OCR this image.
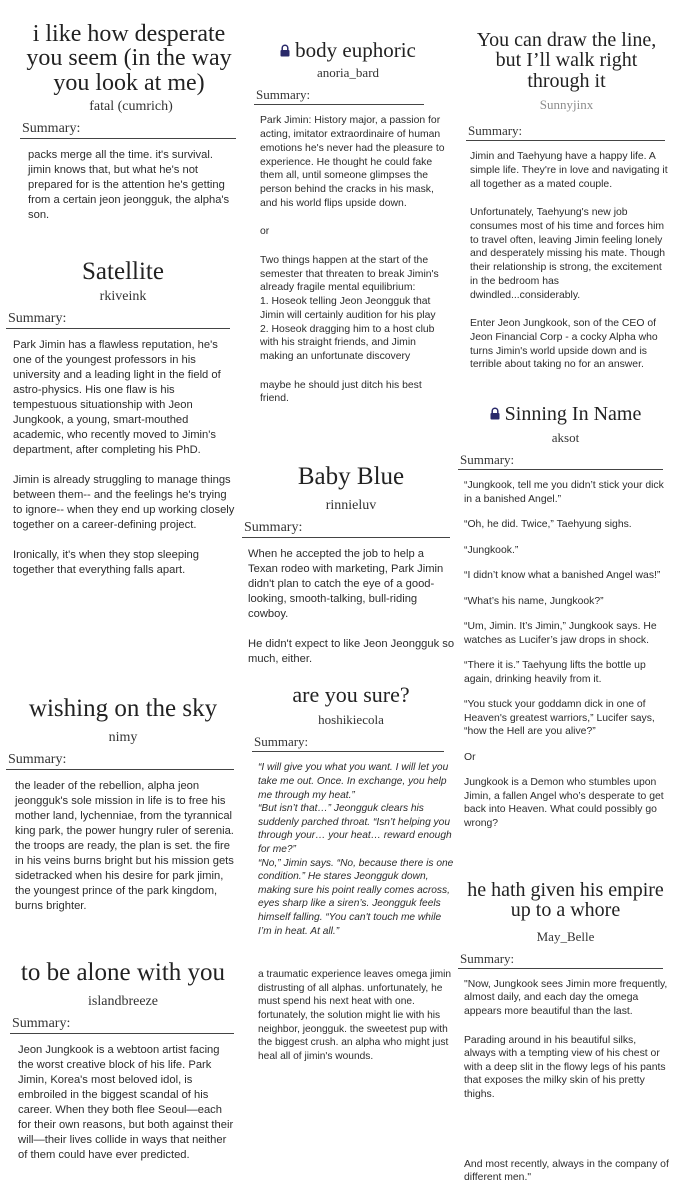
i like how desperate you seem (in the way you look at me)
fatal (cumrich)
Summary:

packs merge all the time. it's survival. jimin knows that, but what he's not prepared for is the attention he's getting from a certain jeon jeongguk, the alpha's son.

Satellite
rkiveink
Summary:

Park Jimin has a flawless reputation, he's one of the youngest professors in his university and a leading light in the field of astro-physics. His one flaw is his tempestuous situationship with Jeon Jungkook, a young, smart-mouthed academic, who recently moved to Jimin's department, after completing his PhD.

Jimin is already struggling to manage things between them-- and the feelings he's trying to ignore-- when they end up working closely together on a career-defining project.

Ironically, it's when they stop sleeping together that everything falls apart.

wishing on the sky
nimy
Summary:

the leader of the rebellion, alpha jeon jeongguk's sole mission in life is to free his mother land, lychenniae, from the tyrannical king park, the power hungry ruler of serenia. the troops are ready, the plan is set. the fire in his veins burns bright but his mission gets sidetracked when his desire for park jimin, the youngest prince of the park kingdom, burns brighter.

to be alone with you
islandbreeze
Summary:

Jeon Jungkook is a webtoon artist facing the worst creative block of his life. Park Jimin, Korea's most beloved idol, is embroiled in the biggest scandal of his career. When they both flee Seoul—each for their own reasons, but both against their will—their lives collide in ways that neither of them could have ever predicted.

body euphoric
anoria_bard
Summary:

Park Jimin: History major, a passion for acting, imitator extraordinaire of human emotions he's never had the pleasure to experience. He thought he could fake them all, until someone glimpses the person behind the cracks in his mask, and his world flips upside down.

or

Two things happen at the start of the semester that threaten to break Jimin's already fragile mental equilibrium:
1. Hoseok telling Jeon Jeongguk that Jimin will certainly audition for his play
2. Hoseok dragging him to a host club with his straight friends, and Jimin making an unfortunate discovery

maybe he should just ditch his best friend.

Baby Blue
rinnieluv
Summary:

When he accepted the job to help a Texan rodeo with marketing, Park Jimin didn't plan to catch the eye of a good-looking, smooth-talking, bull-riding cowboy.

He didn't expect to like Jeon Jeongguk so much, either.

are you sure?
hoshikiecola
Summary:

“I will give you what you want. I will let you take me out. Once. In exchange, you help me through my heat.”

“But isn’t that…” Jeongguk clears his suddenly parched throat. “Isn’t helping you through your… your heat… reward enough for me?”

“No,” Jimin says. “No, because there is one condition.” He stares Jeongguk down, making sure his point really comes across, eyes sharp like a siren’s. Jeongguk feels himself falling. “You can't touch me while I’m in heat. At all.”

a traumatic experience leaves omega jimin distrusting of all alphas. unfortunately, he must spend his next heat with one. fortunately, the solution might lie with his neighbor, jeongguk. the sweetest pup with the biggest crush. an alpha who might just heal all of jimin's wounds.

You can draw the line, but I’ll walk right through it
Sunnyjinx
Summary:

Jimin and Taehyung have a happy life. A simple life. They're in love and navigating it all together as a mated couple.

Unfortunately, Taehyung's new job consumes most of his time and forces him to travel often, leaving Jimin feeling lonely and desperately missing his mate. Though their relationship is strong, the excitement in the bedroom has dwindled...considerably.

Enter Jeon Jungkook, son of the CEO of Jeon Financial Corp - a cocky Alpha who turns Jimin's world upside down and is terrible about taking no for an answer.

Sinning In Name
aksot
Summary:

“Jungkook, tell me you didn’t stick your dick in a banished Angel.”

“Oh, he did. Twice,” Taehyung sighs.

“Jungkook.”

“I didn’t know what a banished Angel was!”

“What’s his name, Jungkook?”

“Um, Jimin. It’s Jimin,” Jungkook says. He watches as Lucifer’s jaw drops in shock.

“There it is.” Taehyung lifts the bottle up again, drinking heavily from it.

“You stuck your goddamn dick in one of Heaven's greatest warriors,” Lucifer says, “how the Hell are you alive?”

Or

Jungkook is a Demon who stumbles upon Jimin, a fallen Angel who’s desperate to get back into Heaven. What could possibly go wrong?

he hath given his empire up to a whore
May_Belle
Summary:

"Now, Jungkook sees Jimin more frequently, almost daily, and each day the omega appears more beautiful than the last.

Parading around in his beautiful silks, always with a tempting view of his chest or with a deep slit in the flowy legs of his pants that exposes the milky skin of his pretty thighs.

And most recently, always in the company of different men."
